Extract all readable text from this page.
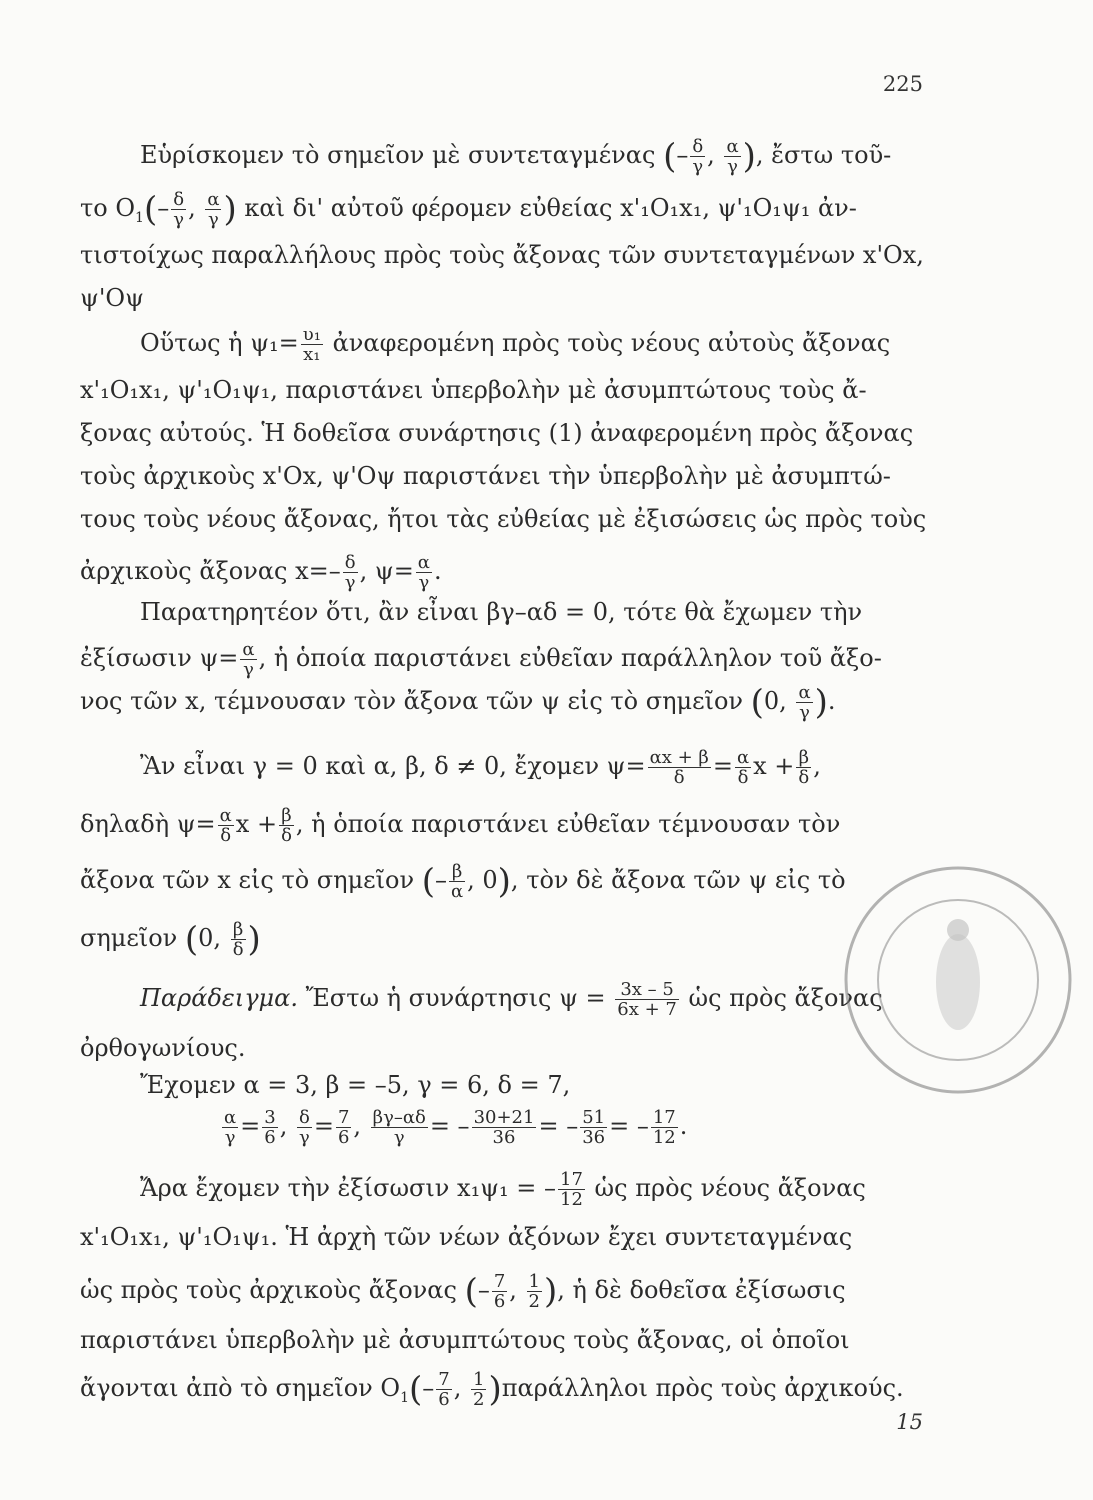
225
Εὑρίσκομεν τὸ σημεῖον μὲ συντεταγμένας (– $\frac{\delta}{\gamma}$ , $\frac{\alpha}{\gamma}$ ), ἔστω τοῦ-
το $O_1(- \frac{\delta}{\gamma}$ , $\frac{\alpha}{\gamma}$ ) καὶ δι' αὐτοῦ φέρομεν εὐθείας x'₁O₁x₁, ψ'₁O₁ψ₁ ἀν-
τιστοίχως παραλλήλους πρὸς τοὺς ἄξονας τῶν συντεταγμένων x'Ox,
ψ'Oψ
Οὕτως ἡ $\psi_1= \frac{\text{υ₁}}{\text{x₁}}$ ἀναφερομένη πρὸς τοὺς νέους αὐτοὺς ἄξονας
x'₁O₁x₁, ψ'₁O₁ψ₁, παριστάνει ὑπερβολὴν μὲ ἀσυμπτώτους τοὺς ἄ-
ξονας αὐτούς. Ἡ δοθεῖσα συνάρτησις (1) ἀναφερομένη πρὸς ἄξονας
τοὺς ἀρχικοὺς x'Ox, ψ'Oψ παριστάνει τὴν ὑπερβολὴν μὲ ἀσυμπτώ-
τους τοὺς νέους ἄξονας, ἤτοι τὰς εὐθείας μὲ ἐξισώσεις ὡς πρὸς τοὺς
ἀρχικοὺς ἄξονας $x=- \frac{\delta}{\gamma}$ , $\psi= \frac{\alpha}{\gamma}$ .
Παρατηρητέον ὅτι, ἂν εἶναι βγ–αδ = 0, τότε θὰ ἔχωμεν τὴν
ἐξίσωσιν $\psi= \frac{\alpha}{\gamma}$ , ἡ ὁποία παριστάνει εὐθεῖαν παράλληλον τοῦ ἄξο-
νος τῶν x, τέμνουσαν τὸν ἄξονα τῶν ψ εἰς τὸ σημεῖον (0, $\frac{\alpha}{\gamma}$ ).
Ἂν εἶναι γ = 0 καὶ α, β, δ ≠ 0, ἔχομεν $\psi= \frac{\alpha x + \beta}{\delta} = \frac{\alpha}{\delta}$ $x + \frac{\beta}{\delta}$ ,
δηλαδὴ $\psi= \frac{\alpha}{\delta}$ $x + \frac{\beta}{\delta}$ , ἡ ὁποία παριστάνει εὐθεῖαν τέμνουσαν τὸν
ἄξονα τῶν x εἰς τὸ σημεῖον (– $\frac{\beta}{\alpha}$ , 0), τὸν δὲ ἄξονα τῶν ψ εἰς τὸ
σημεῖον (0, $\frac{\beta}{\delta}$ )
Παράδειγμα. Ἔστω ἡ συνάρτησις $\psi = \frac{3x - 5}{6x + 7}$ ὡς πρὸς ἄξονας
ὀρθογωνίους.
Ἔχομεν α = 3, β = –5, γ = 6, δ = 7,
$\frac{\alpha}{\gamma} = \frac{3}{6}$ , $\frac{\delta}{\gamma} = \frac{7}{6}$ , $\frac{\beta\gamma-\alpha\delta}{\gamma}$ = – $\frac{30+21}{36}$ = – $\frac{51}{36}$ = – $\frac{17}{12}$ .
Ἄρα ἔχομεν τὴν ἐξίσωσιν x₁ψ₁ = – $\frac{17}{12}$ ὡς πρὸς νέους ἄξονας
x'₁O₁x₁, ψ'₁O₁ψ₁. Ἡ ἀρχὴ τῶν νέων ἀξόνων ἔχει συντεταγμένας
ὡς πρὸς τοὺς ἀρχικοὺς ἄξονας (– $\frac{7}{6}$ , $\frac{1}{2}$ ), ἡ δὲ δοθεῖσα ἐξίσωσις
παριστάνει ὑπερβολὴν μὲ ἀσυμπτώτους τοὺς ἄξονας, οἱ ὁποῖοι
ἄγονται ἀπὸ τὸ σημεῖον $O_1(- \frac{7}{6}$ , $\frac{1}{2} )\pi\alpha\rho ά\lambda\lambda\eta\lambda o\iota$ πρὸς τοὺς ἀρχικούς.
15
